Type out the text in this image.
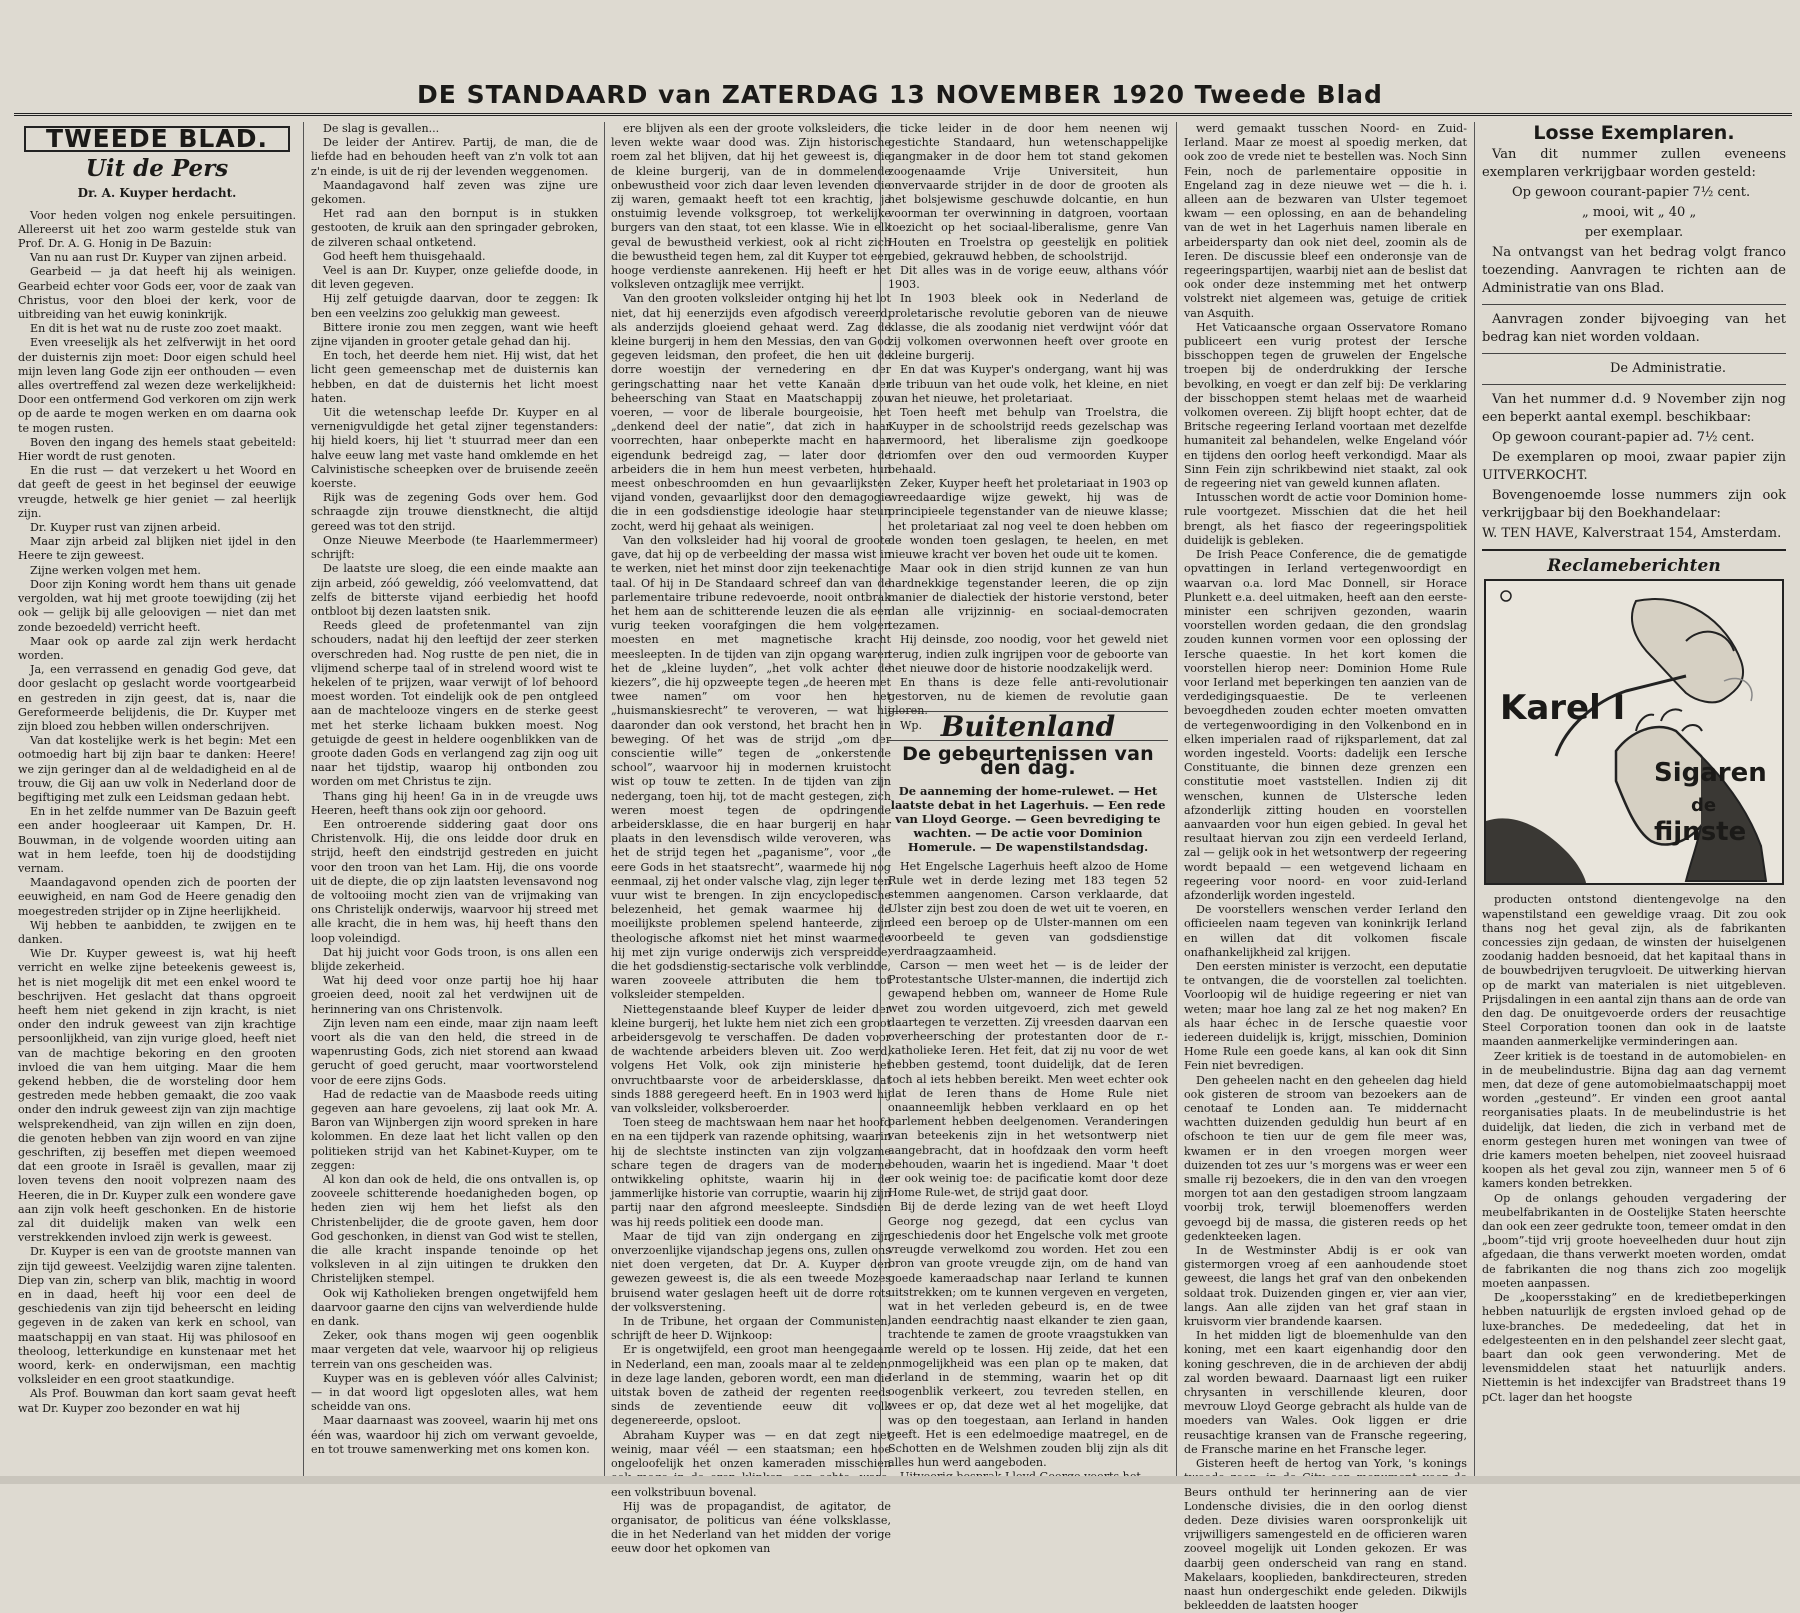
DE STANDAARD van ZATERDAG 13 NOVEMBER 1920 Tweede Blad
TWEEDE BLAD.
Uit de Pers
Dr. A. Kuyper herdacht.

Voor heden volgen nog enkele persuitingen. Allereerst uit het zoo warm gestelde stuk van Prof. Dr. A. G. Honig in De Bazuin:

Van nu aan rust Dr. Kuyper van zijnen arbeid.

Gearbeid — ja dat heeft hij als weinigen. Gearbeid echter voor Gods eer, voor de zaak van Christus, voor den bloei der kerk, voor de uitbreiding van het euwig koninkrijk.

En dit is het wat nu de ruste zoo zoet maakt.

Even vreeselijk als het zelfverwijt in het oord der duisternis zijn moet: Door eigen schuld heel mijn leven lang Gode zijn eer onthouden — even alles overtreffend zal wezen deze werkelijkheid: Door een ontfermend God verkoren om zijn werk op de aarde te mogen werken en om daarna ook te mogen rusten.

Boven den ingang des hemels staat gebeiteld: Hier wordt de rust genoten.

En die rust — dat verzekert u het Woord en dat geeft de geest in het beginsel der eeuwige vreugde, hetwelk ge hier geniet — zal heerlijk zijn.

Dr. Kuyper rust van zijnen arbeid.

Maar zijn arbeid zal blijken niet ijdel in den Heere te zijn geweest.

Zijne werken volgen met hem.

Door zijn Koning wordt hem thans uit genade vergolden, wat hij met groote toewijding (zij het ook — gelijk bij alle geloovigen — niet dan met zonde bezoedeld) verricht heeft.

Maar ook op aarde zal zijn werk herdacht worden.

Ja, een verrassend en genadig God geve, dat door geslacht op geslacht worde voortgearbeid en gestreden in zijn geest, dat is, naar die Gereformeerde belijdenis, die Dr. Kuyper met zijn bloed zou hebben willen onderschrijven.

Van dat kostelijke werk is het begin: Met een ootmoedig hart bij zijn baar te danken: Heere! we zijn geringer dan al de weldadigheid en al de trouw, die Gij aan uw volk in Nederland door de begiftiging met zulk een Leidsman gedaan hebt.

En in het zelfde nummer van De Bazuin geeft een ander hoogleeraar uit Kampen, Dr. H. Bouwman, in de volgende woorden uiting aan wat in hem leefde, toen hij de doodstijding vernam.

Maandagavond openden zich de poorten der eeuwigheid, en nam God de Heere genadig den moegestreden strijder op in Zijne heerlijkheid.

Wij hebben te aanbidden, te zwijgen en te danken.

Wie Dr. Kuyper geweest is, wat hij heeft verricht en welke zijne beteekenis geweest is, het is niet mogelijk dit met een enkel woord te beschrijven. Het geslacht dat thans opgroeit heeft hem niet gekend in zijn kracht, is niet onder den indruk geweest van zijn krachtige persoonlijkheid, van zijn vurige gloed, heeft niet van de machtige bekoring en den grooten invloed die van hem uitging. Maar die hem gekend hebben, die de worsteling door hem gestreden mede hebben gemaakt, die zoo vaak onder den indruk geweest zijn van zijn machtige welsprekendheid, van zijn willen en zijn doen, die genoten hebben van zijn woord en van zijne geschriften, zij beseffen met diepen weemoed dat een groote in Israël is gevallen, maar zij loven tevens den nooit volprezen naam des Heeren, die in Dr. Kuyper zulk een wondere gave aan zijn volk heeft geschonken. En de historie zal dit duidelijk maken van welk een verstrekkenden invloed zijn werk is geweest.

Dr. Kuyper is een van de grootste mannen van zijn tijd geweest. Veelzijdig waren zijne talenten. Diep van zin, scherp van blik, machtig in woord en in daad, heeft hij voor een deel de geschiedenis van zijn tijd beheerscht en leiding gegeven in de zaken van kerk en school, van maatschappij en van staat. Hij was philosoof en theoloog, letterkundige en kunstenaar met het woord, kerk- en onderwijsman, een machtig volksleider en een groot staatkundige.

Als Prof. Bouwman dan kort saam gevat heeft wat Dr. Kuyper zoo bezonder en wat hij

De slag is gevallen...

De leider der Antirev. Partij, de man, die de liefde had en behouden heeft van z'n volk tot aan z'n einde, is uit de rij der levenden weggenomen.

Maandagavond half zeven was zijne ure gekomen.

Het rad aan den bornput is in stukken gestooten, de kruik aan den springader gebroken, de zilveren schaal ontketend.

God heeft hem thuisgehaald.

Veel is aan Dr. Kuyper, onze geliefde doode, in dit leven gegeven.

Hij zelf getuigde daarvan, door te zeggen: Ik ben een veelzins zoo gelukkig man geweest.

Bittere ironie zou men zeggen, want wie heeft zijne vijanden in grooter getale gehad dan hij.

En toch, het deerde hem niet. Hij wist, dat het licht geen gemeenschap met de duisternis kan hebben, en dat de duisternis het licht moest haten.

Uit die wetenschap leefde Dr. Kuyper en al vernenigvuldigde het getal zijner tegenstanders: hij hield koers, hij liet 't stuurrad meer dan een halve eeuw lang met vaste hand omklemde en het Calvinistische scheepken over de bruisende zeeën koerste.

Rijk was de zegening Gods over hem. God schraagde zijn trouwe dienstknecht, die altijd gereed was tot den strijd.

Onze Nieuwe Meerbode (te Haarlemmermeer) schrijft:

De laatste ure sloeg, die een einde maakte aan zijn arbeid, zóó geweldig, zóó veelomvattend, dat zelfs de bitterste vijand eerbiedig het hoofd ontbloot bij dezen laatsten snik.

Reeds gleed de profetenmantel van zijn schouders, nadat hij den leeftijd der zeer sterken overschreden had. Nog rustte de pen niet, die in vlijmend scherpe taal of in strelend woord wist te hekelen of te prijzen, waar verwijt of lof behoord moest worden. Tot eindelijk ook de pen ontgleed aan de machtelooze vingers en de sterke geest met het sterke lichaam bukken moest. Nog getuigde de geest in heldere oogenblikken van de groote daden Gods en verlangend zag zijn oog uit naar het tijdstip, waarop hij ontbonden zou worden om met Christus te zijn.

Thans ging hij heen! Ga in in de vreugde uws Heeren, heeft thans ook zijn oor gehoord.

Een ontroerende siddering gaat door ons Christenvolk. Hij, die ons leidde door druk en strijd, heeft den eindstrijd gestreden en juicht voor den troon van het Lam. Hij, die ons voorde uit de diepte, die op zijn laatsten levensavond nog de voltooiing mocht zien van de vrijmaking van ons Christelijk onderwijs, waarvoor hij streed met alle kracht, die in hem was, hij heeft thans den loop voleindigd.

Dat hij juicht voor Gods troon, is ons allen een blijde zekerheid.

Wat hij deed voor onze partij hoe hij haar groeien deed, nooit zal het verdwijnen uit de herinnering van ons Christenvolk.

Zijn leven nam een einde, maar zijn naam leeft voort als die van den held, die streed in de wapenrusting Gods, zich niet storend aan kwaad gerucht of goed gerucht, maar voortworstelend voor de eere zijns Gods.

Had de redactie van de Maasbode reeds uiting gegeven aan hare gevoelens, zij laat ook Mr. A. Baron van Wijnbergen zijn woord spreken in hare kolommen. En deze laat het licht vallen op den politieken strijd van het Kabinet-Kuyper, om te zeggen:

Al kon dan ook de held, die ons ontvallen is, op zooveele schitterende hoedanigheden bogen, op heden zien wij hem het liefst als den Christenbelijder, die de groote gaven, hem door God geschonken, in dienst van God wist te stellen, die alle kracht inspande tenoinde op het volksleven in al zijn uitingen te drukken den Christelijken stempel.

Ook wij Katholieken brengen ongetwijfeld hem daarvoor gaarne den cijns van welverdiende hulde en dank.

Zeker, ook thans mogen wij geen oogenblik maar vergeten dat vele, waarvoor hij op religieus terrein van ons gescheiden was.

Kuyper was en is gebleven vóór alles Calvinist; — in dat woord ligt opgesloten alles, wat hem scheidde van ons.

Maar daarnaast was zooveel, waarin hij met ons één was, waardoor hij zich om verwant gevoelde, en tot trouwe samenwerking met ons komen kon.

ere blijven als een der groote volksleiders, die leven wekte waar dood was. Zijn historische roem zal het blijven, dat hij het geweest is, die de kleine burgerij, van de in dommelende onbewustheid voor zich daar leven levenden die zij waren, gemaakt heeft tot een krachtig, ja onstuimig levende volksgroep, tot werkelijke burgers van den staat, tot een klasse. Wie in elk geval de bewustheid verkiest, ook al richt zich die bewustheid tegen hem, zal dit Kuyper tot een hooge verdienste aanrekenen. Hij heeft er het volksleven ontzaglijk mee verrijkt.

Van den grooten volksleider ontging hij het lot niet, dat hij eenerzijds even afgodisch vereerd, als anderzijds gloeiend gehaat werd. Zag de kleine burgerij in hem den Messias, den van God gegeven leidsman, den profeet, die hen uit de dorre woestijn der vernedering en der geringschatting naar het vette Kanaän der beheersching van Staat en Maatschappij zou voeren, — voor de liberale bourgeoisie, het „denkend deel der natie”, dat zich in haar voorrechten, haar onbeperkte macht en haar eigendunk bedreigd zag, — later door de arbeiders die in hem hun meest verbeten, hun meest onbeschroomden en hun gevaarlijksten vijand vonden, gevaarlijkst door den demagogie die in een godsdienstige ideologie haar steun zocht, werd hij gehaat als weinigen.

Van den volksleider had hij vooral de groote gave, dat hij op de verbeelding der massa wist in te werken, niet het minst door zijn teekenachtige taal. Of hij in De Standaard schreef dan van de parlementaire tribune redevoerde, nooit ontbrak het hem aan de schitterende leuzen die als een vurig teeken voorafgingen die hem volgen moesten en met magnetische kracht meesleepten. In de tijden van zijn opgang waren het de „kleine luyden”, „het volk achter de kiezers”, die hij opzweepte tegen „de heeren met twee namen” om voor hen het „huismanskiesrecht” te veroveren, — wat hij daaronder dan ook verstond, het bracht hen in beweging. Of het was de strijd „om der conscientie wille” tegen de „onkerstende school”, waarvoor hij in modernen kruistocht wist op touw te zetten. In de tijden van zijn nedergang, toen hij, tot de macht gestegen, zich weren moest tegen de opdringende arbeidersklasse, die en haar burgerij en haar plaats in den levensdisch wilde veroveren, was het de strijd tegen het „paganisme”, voor „de eere Gods in het staatsrecht”, waarmede hij nog eenmaal, zij het onder valsche vlag, zijn leger ten vuur wist te brengen. In zijn encyclopedische belezenheid, het gemak waarmee hij de moeilijkste problemen spelend hanteerde, zijn theologische afkomst niet het minst waarmede hij met zijn vurige onderwijs zich verspreidde, die het godsdienstig-sectarische volk verblindde, waren zooveele attributen die hem tot volksleider stempelden.

Niettegenstaande bleef Kuyper de leider der kleine burgerij, het lukte hem niet zich een groot arbeidersgevolg te verschaffen. De daden voor de wachtende arbeiders bleven uit. Zoo werd, volgens Het Volk, ook zijn ministerie het onvruchtbaarste voor de arbeidersklasse, dat sinds 1888 geregeerd heeft. En in 1903 werd hij van volksleider, volksberoerder.

Toen steeg de machtswaan hem naar het hoofd en na een tijdperk van razende ophitsing, waarin hij de slechtste instincten van zijn volgzame schare tegen de dragers van de moderne ontwikkeling ophitste, waarin hij in de jammerlijke historie van corruptie, waarin hij zijn partij naar den afgrond meesleepte. Sindsdien was hij reeds politiek een doode man.

Maar de tijd van zijn ondergang en zijn onverzoenlijke vijandschap jegens ons, zullen ons niet doen vergeten, dat Dr. A. Kuyper den gewezen geweest is, die als een tweede Mozes bruisend water geslagen heeft uit de dorre rots der volksverstening.

In de Tribune, het orgaan der Communisten, schrijft de heer D. Wijnkoop:

Er is ongetwijfeld, een groot man heengegaan in Nederland, een man, zooals maar al te zelden, in deze lage landen, geboren wordt, een man die uitstak boven de zatheid der regenten reeds sinds de zeventiende eeuw dit volk degenereerde, opsloot.

Abraham Kuyper was — en dat zegt niet weinig, maar véél — een staatsman; een hoe ongeloofelijk het onzen kameraden misschien een volkstribuun bovenal.

Hij was de propagandist, de agitator, de organisator, de politicus van ééne volksklasse, die in het Nederland van het midden der vorige eeuw door het opkomen van

ticke leider in de door hem neenen wij gestichte Standaard, hun wetenschappelijke gangmaker in de door hem tot stand gekomen zoogenaamde Vrije Universiteit, hun onvervaarde strijder in de door de grooten als het bolsjewisme geschuwde dolcantie, en hun voorman ter overwinning in datgroen, voortaan toezicht op het sociaal-liberalisme, genre Van Houten en Troelstra op geestelijk en politiek gebied, gekrauwd hebben, de schoolstrijd.

Dit alles was in de vorige eeuw, althans vóór 1903.

In 1903 bleek ook in Nederland de proletarische revolutie geboren van de nieuwe klasse, die als zoodanig niet verdwijnt vóór dat zij volkomen overwonnen heeft over groote en kleine burgerij.

En dat was Kuyper's ondergang, want hij was de tribuun van het oude volk, het kleine, en niet van het nieuwe, het proletariaat.

Toen heeft met behulp van Troelstra, die Kuyper in de schoolstrijd reeds gezelschap was vermoord, het liberalisme zijn goedkoope triomfen over den oud vermoorden Kuyper behaald.

Zeker, Kuyper heeft het proletariaat in 1903 op wreedaardige wijze gewekt, hij was de principieele tegenstander van de nieuwe klasse; het proletariaat zal nog veel te doen hebben om de wonden toen geslagen, te heelen, en met nieuwe kracht ver boven het oude uit te komen.

Maar ook in dien strijd kunnen ze van hun hardnekkige tegenstander leeren, die op zijn manier de dialectiek der historie verstond, beter dan alle vrijzinnig- en sociaal-democraten tezamen.

Hij deinsde, zoo noodig, voor het geweld niet terug, indien zulk ingrijpen voor de geboorte van het nieuwe door de historie noodzakelijk werd.

En thans is deze felle anti-revolutionair gestorven, nu de kiemen de revolutie gaan gloren.

Wp. Buitenland
De gebeurtenissen van den dag.
De aanneming der home-rulewet. — Het laatste debat in het Lagerhuis. — Een rede van Lloyd George. — Geen bevrediging te wachten. — De actie voor Dominion Homerule. — De wapenstilstandsdag.

Het Engelsche Lagerhuis heeft alzoo de Home Rule wet in derde lezing met 183 tegen 52 stemmen aangenomen. Carson verklaarde, dat Ulster zijn best zou doen de wet uit te voeren, en deed een beroep op de Ulster-mannen om een voorbeeld te geven van godsdienstige verdraagzaamheid.

Carson — men weet het — is de leider der Protestantsche Ulster-mannen, die indertijd zich gewapend hebben om, wanneer de Home Rule wet zou worden uitgevoerd, zich met geweld daartegen te verzetten. Zij vreesden daarvan een overheersching der protestanten door de r.-katholieke Ieren. Het feit, dat zij nu voor de wet hebben gestemd, toont duidelijk, dat de Ieren toch al iets hebben bereikt. Men weet echter ook dat de Ieren thans de Home Rule niet onaanneemlijk hebben verklaard en op het parlement hebben deelgenomen. Veranderingen van beteekenis zijn in het wetsontwerp niet aangebracht, dat in hoofdzaak den vorm heeft behouden, waarin het is ingediend. Maar 't doet er ook weinig toe: de pacificatie komt door deze Home Rule-wet, de strijd gaat door.

Bij de derde lezing van de wet heeft Lloyd George nog gezegd, dat een cyclus van geschiedenis door het Engelsche volk met groote vreugde verwelkomd zou worden. Het zou een bron van groote vreugde zijn, om de hand van goede kameraadschap naar Ierland te kunnen uitstrekken; om te kunnen vergeven en vergeten, wat in het verleden gebeurd is, en de twee landen eendrachtig naast elkander te zien gaan, trachtende te zamen de groote vraagstukken van de wereld op te lossen. Hij zeide, dat het een onmogelijkheid was een plan op te maken, dat Ierland in de stemming, waarin het op dit oogenblik verkeert, zou tevreden stellen, en wees er op, dat deze wet al het mogelijke, dat was op den toegestaan, aan Ierland in handen geeft. Het is een edelmoedige maatregel, en de Schotten en de Welshmen zouden blij zijn als dit alles hun werd aangeboden.

werd gemaakt tusschen Noord- en Zuid-Ierland. Maar ze moest al spoedig merken, dat ook zoo de vrede niet te bestellen was. Noch Sinn Fein, noch de parlementaire oppositie in Engeland zag in deze nieuwe wet — die h. i. alleen aan de bezwaren van Ulster tegemoet kwam — een oplossing, en aan de behandeling van de wet in het Lagerhuis namen liberale en arbeidersparty dan ook niet deel, zoomin als de Ieren. De discussie bleef een onderonsje van de regeeringspartijen, waarbij niet aan de beslist dat ook onder deze instemming met het ontwerp volstrekt niet algemeen was, getuige de critiek van Asquith.

Het Vaticaansche orgaan Osservatore Romano publiceert een vurig protest der Iersche bisschoppen tegen de gruwelen der Engelsche troepen bij de onderdrukking der Iersche bevolking, en voegt er dan zelf bij: De verklaring der bisschoppen stemt helaas met de waarheid volkomen overeen. Zij blijft hoopt echter, dat de Britsche regeering Ierland voortaan met dezelfde humaniteit zal behandelen, welke Engeland vóór en tijdens den oorlog heeft verkondigd. Maar als Sinn Fein zijn schrikbewind niet staakt, zal ook de regeering niet van geweld kunnen aflaten.

Intusschen wordt de actie voor Dominion home-rule voortgezet. Misschien dat die het heil brengt, als het fiasco der regeeringspolitiek duidelijk is gebleken.

De Irish Peace Conference, die de gematigde opvattingen in Ierland vertegenwoordigt en waarvan o.a. lord Mac Donnell, sir Horace Plunkett e.a. deel uitmaken, heeft aan den eerste-minister een schrijven gezonden, waarin voorstellen worden gedaan, die den grondslag zouden kunnen vormen voor een oplossing der Iersche quaestie. In het kort komen die voorstellen hierop neer: Dominion Home Rule voor Ierland met beperkingen ten aanzien van de verdedigingsquaestie. De te verleenen bevoegdheden zouden echter moeten omvatten de vertegenwoordiging in den Volkenbond en in elken imperialen raad of rijksparlement, dat zal worden ingesteld. Voorts: dadelijk een Iersche Constituante, die binnen deze grenzen een constitutie moet vaststellen. Indien zij dit wenschen, kunnen de Ulstersche leden afzonderlijk zitting houden en voorstellen aanvaarden voor hun eigen gebied. In geval het resultaat hiervan zou zijn een verdeeld Ierland, zal — gelijk ook in het wetsontwerp der regeering wordt bepaald — een wetgevend lichaam en regeering voor noord- en voor zuid-Ierland afzonderlijk worden ingesteld.

De voorstellers wenschen verder Ierland den officieelen naam tegeven van koninkrijk Ierland en willen dat dit volkomen fiscale onafhankelijkheid zal krijgen.

Den eersten minister is verzocht, een deputatie te ontvangen, die de voorstellen zal toelichten. Voorloopig wil de huidige regeering er niet van weten; maar hoe lang zal ze het nog maken? En als haar échec in de Iersche quaestie voor iedereen duidelijk is, krijgt, misschien, Dominion Home Rule een goede kans, al kan ook dit Sinn Fein niet bevredigen.

Den geheelen nacht en den geheelen dag hield ook gisteren de stroom van bezoekers aan de cenotaaf te Londen aan. Te middernacht wachtten duizenden geduldig hun beurt af en ofschoon te tien uur de gem file meer was, kwamen er in den vroegen morgen weer duizenden tot zes uur 's morgens was er weer een smalle rij bezoekers, die in den van den vroegen morgen tot aan den gestadigen stroom langzaam voorbij trok, terwijl bloemenoffers werden gevoegd bij de massa, die gisteren reeds op het gedenkteeken lagen.

In de Westminster Abdij is er ook van gistermorgen vroeg af een aanhoudende stoet geweest, die langs het graf van den onbekenden soldaat trok. Duizenden gingen er, vier aan vier, langs. Aan alle zijden van het graf staan in kruisvorm vier brandende kaarsen.

In het midden ligt de bloemenhulde van den koning, met een kaart eigenhandig door den koning geschreven, die in de archieven der abdij zal worden bewaard. Daarnaast ligt een ruiker chrysanten in verschillende kleuren, door mevrouw Lloyd George gebracht als hulde van de moeders van Wales. Ook liggen er drie reusachtige kransen van de Fransche regeering, de Fransche marine en het Fransche leger.

Gisteren heeft de hertog van York, 's konings Beurs onthuld ter herinnering aan de vier Londensche divisies, die in den oorlog dienst deden. Deze divisies waren oorspronkelijk uit vrijwilligers samengesteld en de officieren waren zooveel mogelijk uit Londen gekozen. Er was daarbij geen onderscheid van rang en stand. Makelaars, kooplieden, bankdirecteuren, streden naast hun ondergeschikt ende geleden. Dikwijls bekleedden de laatsten hooger

Losse Exemplaren.

Van dit nummer zullen eveneens exemplaren verkrijgbaar worden gesteld:

Op gewoon courant-papier 7½ cent.

„ mooi, wit „ 40 „

per exemplaar.

Na ontvangst van het bedrag volgt franco toezending. Aanvragen te richten aan de Administratie van ons Blad.

Aanvragen zonder bijvoeging van het bedrag kan niet worden voldaan.

De Administratie.

Van het nummer d.d. 9 November zijn nog een beperkt aantal exempl. beschikbaar:

Op gewoon courant-papier ad. 7½ cent.

De exemplaren op mooi, zwaar papier zijn UITVERKOCHT.

Bovengenoemde losse nummers zijn ook verkrijgbaar bij den Boekhandelaar:

W. TEN HAVE, Kalverstraat 154, Amsterdam.

Reclameberichten
Karel I
Sigaren
de
fijnste

producten ontstond dientengevolge na den wapenstilstand een geweldige vraag. Dit zou ook thans nog het geval zijn, als de fabrikanten concessies zijn gedaan, de winsten der huiselgenen zoodanig hadden besnoeid, dat het kapitaal thans in de bouwbedrijven terugvloeit. De uitwerking hiervan op de markt van materialen is niet uitgebleven. Prijsdalingen in een aantal zijn thans aan de orde van den dag. De onuitgevoerde orders der reusachtige Steel Corporation toonen dan ook in de laatste maanden aanmerkelijke verminderingen aan.

Zeer kritiek is de toestand in de automobielen- en in de meubelindustrie. Bijna dag aan dag vernemt men, dat deze of gene automobielmaatschappij moet worden „gesteund”. Er vinden een groot aantal reorganisaties plaats. In de meubelindustrie is het duidelijk, dat lieden, die zich in verband met de enorm gestegen huren met woningen van twee of drie kamers moeten behelpen, niet zooveel huisraad koopen als het geval zou zijn, wanneer men 5 of 6 kamers konden betrekken.

Op de onlangs gehouden vergadering der meubelfabrikanten in de Oostelijke Staten heerschte dan ook een zeer gedrukte toon, temeer omdat in den „boom”-tijd vrij groote hoeveelheden duur hout zijn afgedaan, die thans verwerkt moeten worden, omdat de fabrikanten die nog thans zich zoo mogelijk moeten aanpassen.

De „koopersstaking” en de kredietbeperkingen hebben natuurlijk de ergsten invloed gehad op de luxe-branches. De mededeeling, dat het in edelgesteenten en in den pelshandel zeer slecht gaat, baart dan ook geen verwondering. Met de levensmiddelen staat het natuurlijk anders. Niettemin is het indexcijfer van Bradstreet thans 19 pCt. lager dan het hoogste
